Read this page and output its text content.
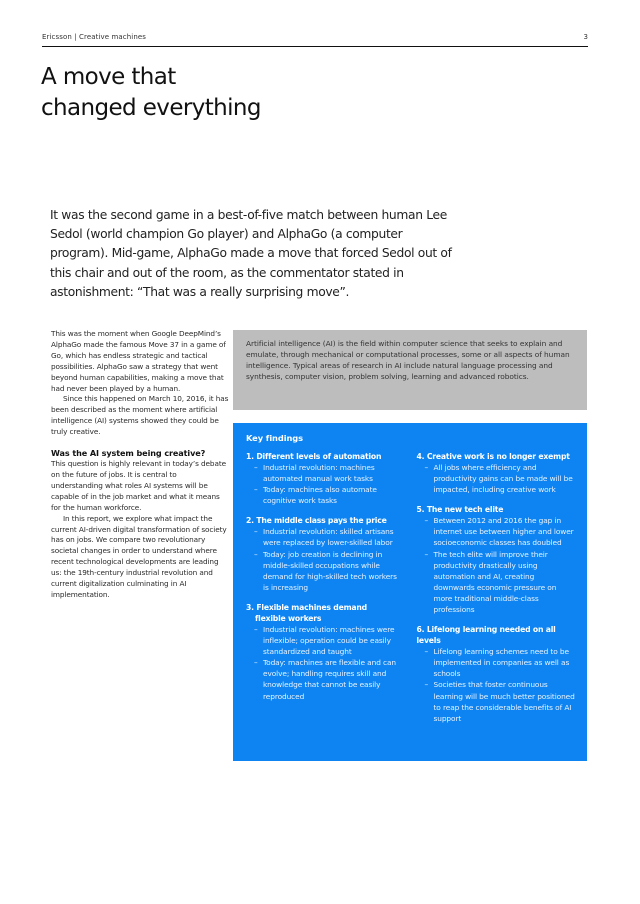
Ericsson | Creative machines	3
A move that
changed everything

It was the second game in a best-of-five match between human Lee Sedol (world champion Go player) and AlphaGo (a computer program). Mid-game, AlphaGo made a move that forced Sedol out of this chair and out of the room, as the commentator stated in astonishment: “That was a really surprising move”.

This was the moment when Google DeepMind’s AlphaGo made the famous Move 37 in a game of Go, which has endless strategic and tactical possibilities. AlphaGo saw a strategy that went beyond human capabilities, making a move that had never been played by a human.

Since this happened on March 10, 2016, it has been described as the moment where artificial intelligence (AI) systems showed they could be truly creative.

Was the AI system being creative?

This question is highly relevant in today’s debate on the future of jobs. It is central to understanding what roles AI systems will be capable of in the job market and what it means for the human workforce.

In this report, we explore what impact the current AI-driven digital transformation of society has on jobs. We compare two revolutionary societal changes in order to understand where recent technological developments are leading us: the 19th-century industrial revolution and current digitalization culminating in AI implementation.

Artificial intelligence (AI) is the field within computer science that seeks to explain and emulate, through mechanical or computational processes, some or all aspects of human intelligence. Typical areas of research in AI include natural language processing and synthesis, computer vision, problem solving, learning and advanced robotics.

Key findings
1. Different levels of automation
– Industrial revolution: machines automated manual work tasks
– Today: machines also automate cognitive work tasks
2. The middle class pays the price
– Industrial revolution: skilled artisans were replaced by lower-skilled labor
– Today: job creation is declining in middle-skilled occupations while demand for high-skilled tech workers is increasing
3. Flexible machines demand
flexible workers
– Industrial revolution: machines were inflexible; operation could be easily standardized and taught
– Today: machines are flexible and can evolve; handling requires skill and knowledge that cannot be easily reproduced
4. Creative work is no longer exempt
– All jobs where efficiency and productivity gains can be made will be impacted, including creative work
5. The new tech elite
– Between 2012 and 2016 the gap in internet use between higher and lower socioeconomic classes has doubled
– The tech elite will improve their productivity drastically using automation and AI, creating downwards economic pressure on more traditional middle-class professions
6. Lifelong learning needed on all levels
– Lifelong learning schemes need to be implemented in companies as well as schools
– Societies that foster continuous learning will be much better positioned to reap the considerable benefits of AI support
